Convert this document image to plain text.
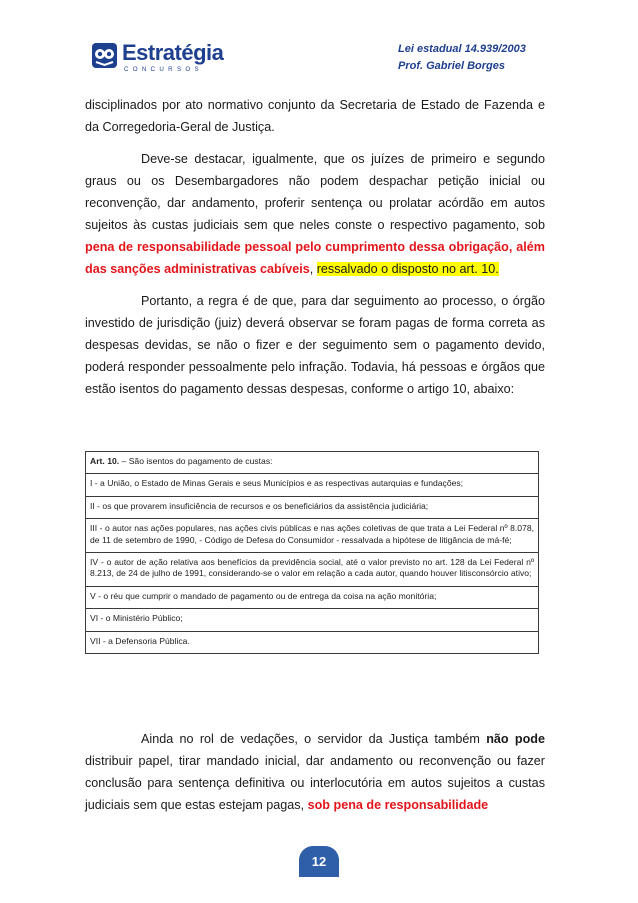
Estratégia
CONCURSOS
Lei estadual 14.939/2003
Prof. Gabriel Borges

disciplinados por ato normativo conjunto da Secretaria de Estado de Fazenda e da Corregedoria-Geral de Justiça.

Deve-se destacar, igualmente, que os juízes de primeiro e segundo graus ou os Desembargadores não podem despachar petição inicial ou reconvenção, dar andamento, proferir sentença ou prolatar acórdão em autos sujeitos às custas judiciais sem que neles conste o respectivo pagamento, sob pena de responsabilidade pessoal pelo cumprimento dessa obrigação, além das sanções administrativas cabíveis, ressalvado o disposto no art. 10.

Portanto, a regra é de que, para dar seguimento ao processo, o órgão investido de jurisdição (juiz) deverá observar se foram pagas de forma correta as despesas devidas, se não o fizer e der seguimento sem o pagamento devido, poderá responder pessoalmente pelo infração. Todavia, há pessoas e órgãos que estão isentos do pagamento dessas despesas, conforme o artigo 10, abaixo:

Art. 10. – São isentos do pagamento de custas:
I - a União, o Estado de Minas Gerais e seus Municípios e as respectivas autarquias e fundações;
II - os que provarem insuficiência de recursos e os beneficiários da assistência judiciária;
III - o autor nas ações populares, nas ações civis públicas e nas ações coletivas de que trata a Lei Federal nº 8.078, de 11 de setembro de 1990, - Código de Defesa do Consumidor - ressalvada a hipótese de litigância de má-fé;
IV - o autor de ação relativa aos benefícios da previdência social, até o valor previsto no art. 128 da Lei Federal nº 8.213, de 24 de julho de 1991, considerando-se o valor em relação a cada autor, quando houver litisconsórcio ativo;
V - o réu que cumprir o mandado de pagamento ou de entrega da coisa na ação monitória;
VI - o Ministério Público;
VII - a Defensoria Pública.

Ainda no rol de vedações, o servidor da Justiça também não pode distribuir papel, tirar mandado inicial, dar andamento ou reconvenção ou fazer conclusão para sentença definitiva ou interlocutória em autos sujeitos a custas judiciais sem que estas estejam pagas, sob pena de responsabilidade

12
